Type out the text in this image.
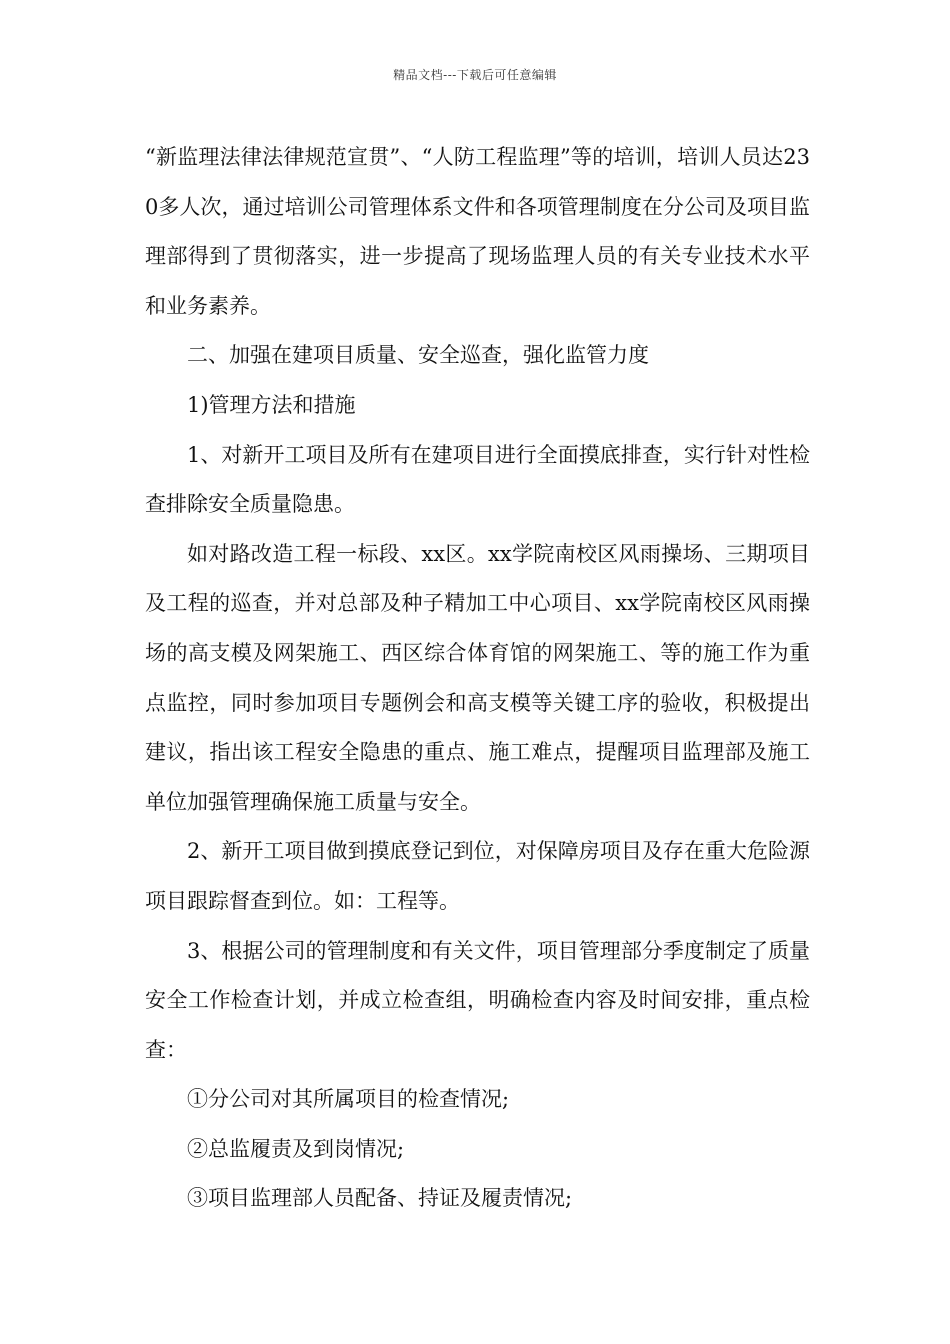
精品文档---下载后可任意编辑

“新监理法律法律规范宣贯”、“人防工程监理”等的培训，培训人员达230多人次，通过培训公司管理体系文件和各项管理制度在分公司及项目监理部得到了贯彻落实，进一步提高了现场监理人员的有关专业技术水平和业务素养。

二、加强在建项目质量、安全巡查，强化监管力度

1)管理方法和措施

1、对新开工项目及所有在建项目进行全面摸底排查，实行针对性检查排除安全质量隐患。

如对路改造工程一标段、xx区。xx学院南校区风雨操场、三期项目及工程的巡查，并对总部及种子精加工中心项目、xx学院南校区风雨操场的高支模及网架施工、西区综合体育馆的网架施工、等的施工作为重点监控，同时参加项目专题例会和高支模等关键工序的验收，积极提出建议，指出该工程安全隐患的重点、施工难点，提醒项目监理部及施工单位加强管理确保施工质量与安全。

2、新开工项目做到摸底登记到位，对保障房项目及存在重大危险源项目跟踪督查到位。如：工程等。

3、根据公司的管理制度和有关文件，项目管理部分季度制定了质量安全工作检查计划，并成立检查组，明确检查内容及时间安排，重点检查：

①分公司对其所属项目的检查情况;

②总监履责及到岗情况;

③项目监理部人员配备、持证及履责情况;
